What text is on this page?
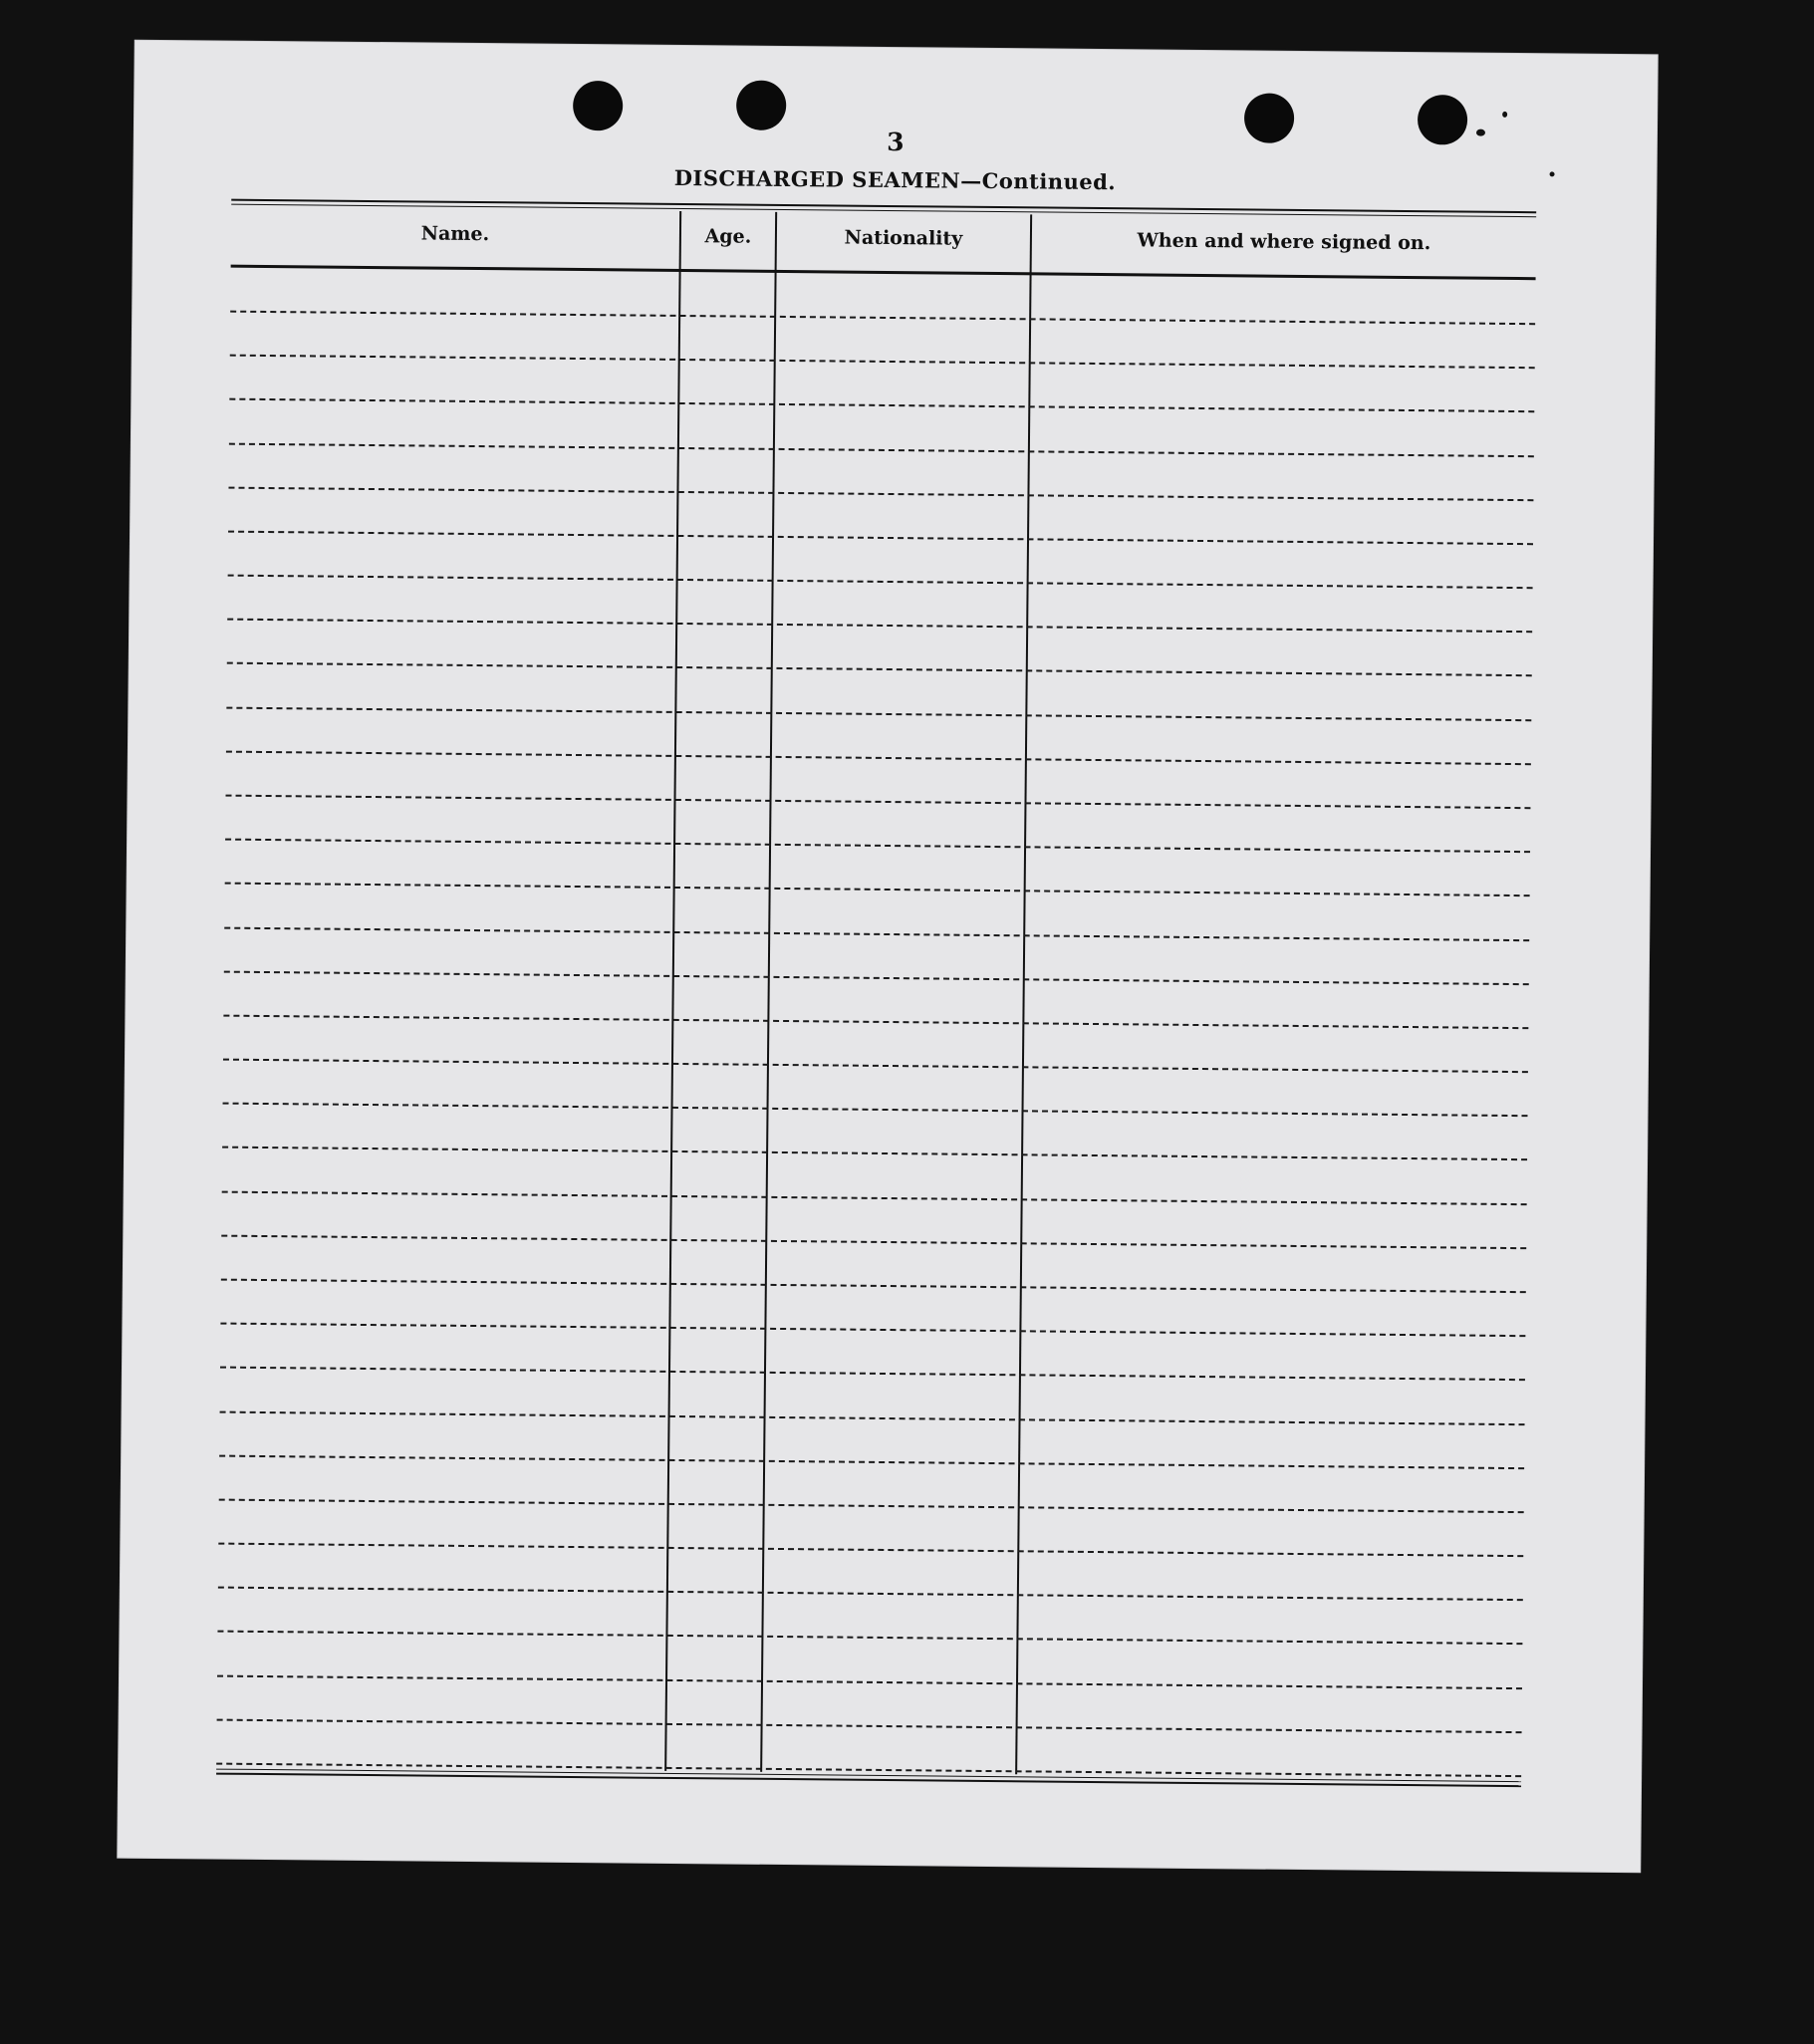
3
DISCHARGED SEAMEN—Continued.
Name.	Age.	Nationality	When and where signed on.
